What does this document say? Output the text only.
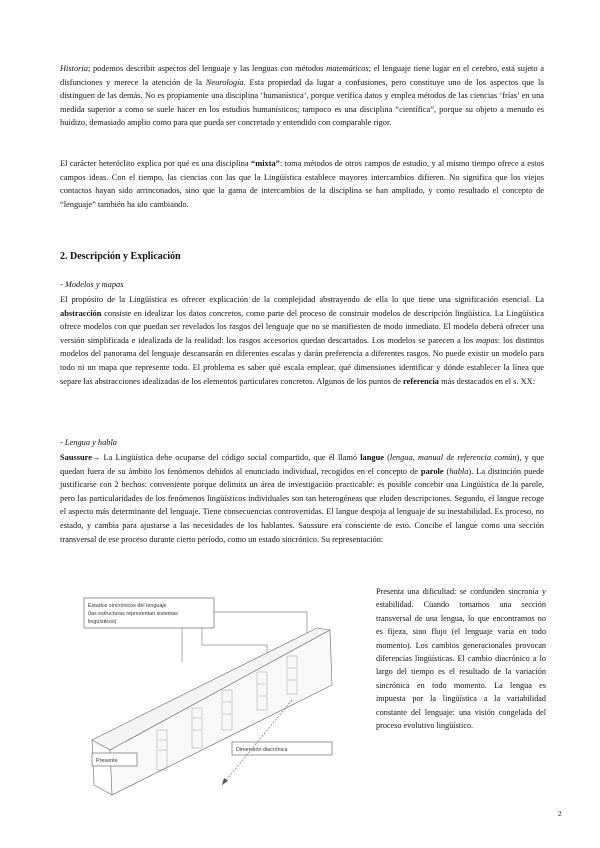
Historia; podemos describir aspectos del lenguaje y las lenguas con métodos matemáticos; el lenguaje tiene lugar en el cerebro, está sujeto a disfunciones y merece la atención de la Neurología. Esta propiedad da lugar a confusiones, pero constituye uno de los aspectos que la distinguen de las demás. No es propiamente una disciplina ‘humanística’, porque verifica datos y emplea métodos de las ciencias ‘frías’ en una medida superior a como se suele hacer en los estudios humanísticos; tampoco es una disciplina “científica”, porque su objeto a menudo es huidizo, demasiado amplio como para que pueda ser concretado y entendido con comparable rigor.

El carácter heteróclito explica por qué es una disciplina “mixta”: toma métodos de otros campos de estudio, y al mismo tiempo ofrece a estos campos ideas. Con el tiempo, las ciencias con las que la Lingüística establece mayores intercambios difieren. No significa que los viejos contactos hayan sido arrinconados, sino que la gama de intercambios de la disciplina se han ampliado, y como resultado el concepto de “lenguaje” también ha ido cambiando.

2. Descripción y Explicación

- Modelos y mapas

El propósito de la Lingüística es ofrecer explicación de la complejidad abstrayendo de ella lo que tiene una significación esencial. La abstracción consiste en idealizar los datos concretos, como parte del proceso de construir modelos de descripción lingüística. La Lingüística ofrece modelos con que puedan ser revelados los rasgos del lenguaje que no se manifiesten de modo inmediato. El modelo deberá ofrecer una versión simplificada e idealizada de la realidad: los rasgos accesorios quedan descartados. Los modelos se parecen a los mapas: los distintos modelos del panorama del lenguaje descansarán en diferentes escalas y darán preferencia a diferentes rasgos. No puede existir un modelo para todo ni un mapa que represente todo. El problema es saber qué escala emplear, qué dimensiones identificar y dónde establecer la línea que separe las abstracciones idealizadas de los elementos particulares concretos. Algunos de los puntos de referencia más destacados en el s. XX:

- Lengua y habla

Saussure→ La Lingüística debe ocuparse del código social compartido, que él llamó langue (lengua, manual de referencia común), y que quedan fuera de su ámbito los fenómenos debidos al enunciado individual, recogidos en el concepto de parole (habla). La distinción puede justificarse con 2 hechos: conveniente porque delimita un área de investigación practicable: es posible concebir una Lingüística de la parole, pero las particularidades de los fenómenos lingüísticos individuales son tan heterogéneas que eluden descripciones. Segundo, el langue recoge el aspecto más determinante del lenguaje. Tiene consecuencias controvertidas. El langue despoja al lenguaje de su inestabilidad. Es proceso, no estado, y cambia para ajustarse a las necesidades de los hablantes. Saussure era consciente de esto. Concibe el langue como una sección transversal de ese proceso durante cierto período, como un estado sincrónico. Su representación:

Estados sincrónicos del lenguaje
(las estructuras representan sistemas
lingüísticos)
Presente
Dimensión diacrónica

Presenta una dificultad: se confunden sincronía y estabilidad. Cuando tomamos una sección transversal de una lengua, lo que encontramos no es fijeza, sino flujo (el lenguaje varía en todo momento). Los cambios generacionales provocan diferencias lingüísticas. El cambio diacrónico a lo largo del tiempo es el resultado de la variación sincrónica en todo momento. La lengua es impuesta por la lingüística a la variabilidad constante del lenguaje: una visión congelada del proceso evolutivo lingüístico.

2
